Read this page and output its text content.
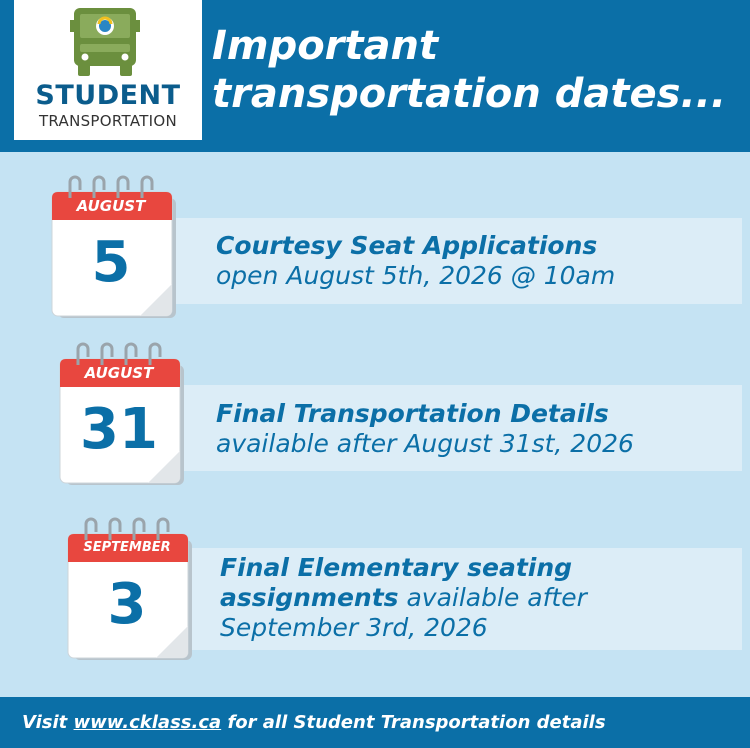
STUDENT
TRANSPORTATION
Important
transportation dates...
AUGUST
5
AUGUST
31
SEPTEMBER
3
Courtesy Seat Applications
open August 5th, 2026 @ 10am
Final Transportation Details
available after August 31st, 2026
Final Elementary seating
assignments available after
September 3rd, 2026
Visit www.cklass.ca for all Student Transportation details
